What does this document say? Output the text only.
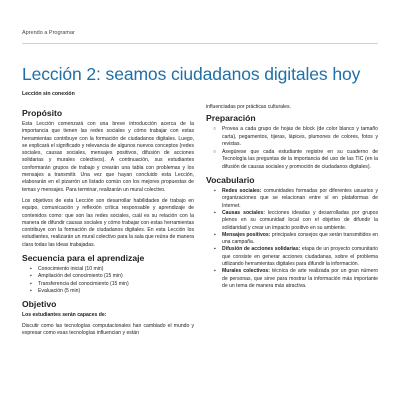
Aprendo a Programar
Lección 2: seamos ciudadanos digitales hoy
Lección sin conexión
Propósito

Esta Lección comenzará con una breve introducción acerca de la importancia que tienen las redes sociales y cómo trabajar con estas herramientas contribuye con la formación de ciudadanos digitales. Luego, se explicará el significado y relevancia de algunos nuevos conceptos (redes sociales, causas sociales, mensajes positivos, difusión de acciones solidarias y murales colectivos). A continuación, sus estudiantes conformarán grupos de trabajo y crearán una tabla con problemas y los mensajes a transmitir. Una vez que hayan concluido esta Lección, elaborarán en el pizarrón un listado común con los mejores propuestas de temas y mensajes. Para terminar, realizarán un mural colectivo.

Los objetivos de esta Lección son desarrollar habilidades de trabajo en equipo, comunicación y reflexión crítica responsable y aprendizaje de contenidos como: que son las redes sociales, cuál es su relación con la manera de difundir causas sociales y cómo trabajar con estas herramientas contribuye con la formación de ciudadanos digitales. En esta Lección los estudiantes, realizarán un mural colectivo para la sala que reúna de manera clara todas las ideas trabajadas.

Secuencia para el aprendizaje
▪ Conocimiento inicial (10 min)
▪ Ampliación del conocimiento (15 min)
▪ Transferencia del conocimiento (15 min)
▪ Evaluación (5 min)
Objetivo
Los estudiantes serán capaces de:

Discutir como las tecnologías computacionales han cambiado el mundo y expresar como esas tecnologías influencian y están

influenciadas por prácticas culturales.

Preparación
○ Provea a cada grupo de hojas de block (de color blanco y tamaño carta), pegamentos, tijeras, lápices, plumones de colores, fotos y revistas.
○ Asegúrese que cada estudiante registre en su cuaderno de Tecnología las preguntas de la importancia del uso de las TIC (en la difusión de causas sociales y promoción de ciudadanos digitales).
Vocabulario
▪ Redes sociales: comunidades formadas por diferentes usuarios y organizaciones que se relacionan entre sí en plataformas de Internet.
▪ Causas sociales: lecciones ideadas y desarrolladas por grupos plenos en su comunidad local con el objetivo de difundir la solidaridad y crear un impacto positivo en su ambiente.
▪ Mensajes positivos: principales consejos que serán transmitidos en una campaña.
▪ Difusión de acciones solidarias: etapa de un proyecto comunitario que consiste en generar acciones ciudadanas, sobre el problema utilizando herramientas digitales para difundir la información.
▪ Murales colectivos: técnica de arte realizada por un gran número de personas, que sirve para mostrar la información más importante de un tema de manera más atractiva.
